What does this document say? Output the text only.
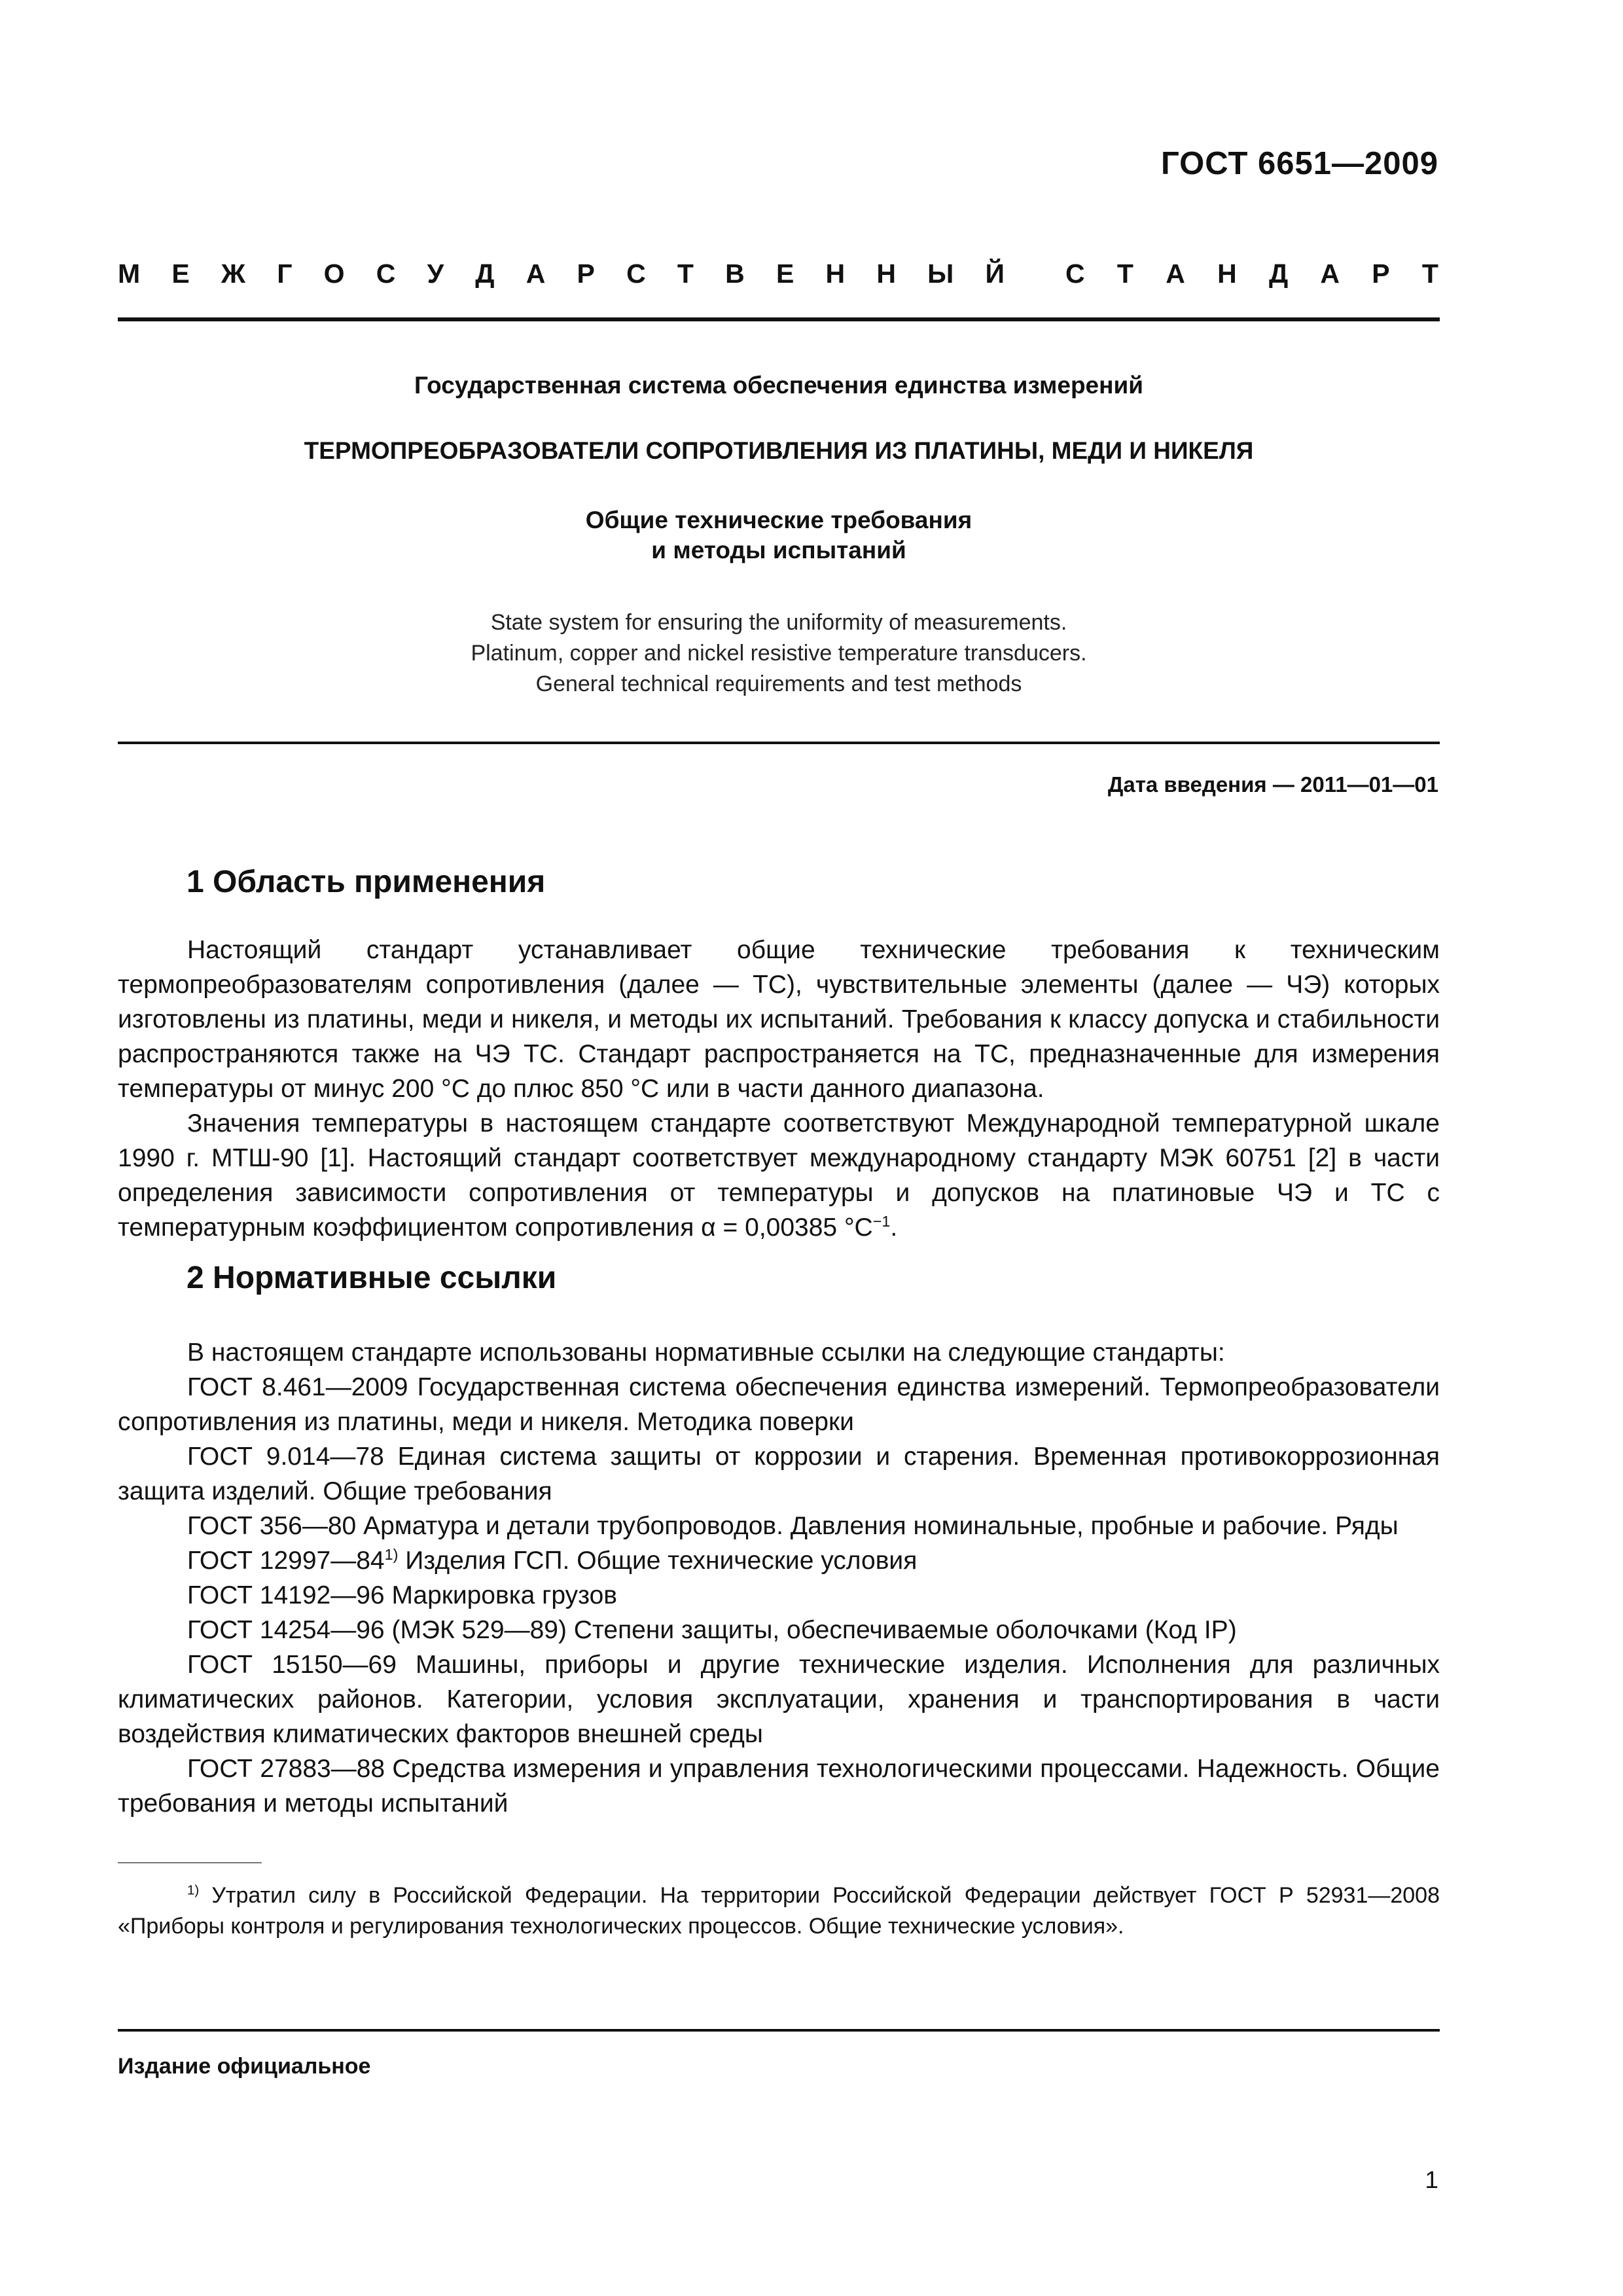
ГОСТ 6651—2009
М Е Ж Г О С У Д А Р С Т В Е Н Н Ы Й С Т А Н Д А Р Т
Государственная система обеспечения единства измерений
ТЕРМОПРЕОБРАЗОВАТЕЛИ СОПРОТИВЛЕНИЯ ИЗ ПЛАТИНЫ, МЕДИ И НИКЕЛЯ
Общие технические требования
и методы испытаний
State system for ensuring the uniformity of measurements.
Platinum, copper and nickel resistive temperature transducers.
General technical requirements and test methods
Дата введения — 2011—01—01
1 Область применения

Настоящий стандарт устанавливает общие технические требования к техническим термопреобразователям сопротивления (далее — ТС), чувствительные элементы (далее — ЧЭ) которых изготовлены из платины, меди и никеля, и методы их испытаний. Требования к классу допуска и стабильности распространяются также на ЧЭ ТС. Стандарт распространяется на ТС, предназначенные для измерения температуры от минус 200 °С до плюс 850 °С или в части данного диапазона.

Значения температуры в настоящем стандарте соответствуют Международной температурной шкале 1990 г. МТШ-90 [1]. Настоящий стандарт соответствует международному стандарту МЭК 60751 [2] в части определения зависимости сопротивления от температуры и допусков на платиновые ЧЭ и ТС с температурным коэффициентом сопротивления α = 0,00385 $^\circ С^{-1}$.

2 Нормативные ссылки

В настоящем стандарте использованы нормативные ссылки на следующие стандарты:

ГОСТ 8.461—2009 Государственная система обеспечения единства измерений. Термопреобразователи сопротивления из платины, меди и никеля. Методика поверки

ГОСТ 9.014—78 Единая система защиты от коррозии и старения. Временная противокоррозионная защита изделий. Общие требования

ГОСТ 356—80 Арматура и детали трубопроводов. Давления номинальные, пробные и рабочие. Ряды

ГОСТ 12997—84$^{1)}$ Изделия ГСП. Общие технические условия

ГОСТ 14192—96 Маркировка грузов

ГОСТ 14254—96 (МЭК 529—89) Степени защиты, обеспечиваемые оболочками (Код IP)

ГОСТ 15150—69 Машины, приборы и другие технические изделия. Исполнения для различных климатических районов. Категории, условия эксплуатации, хранения и транспортирования в части воздействия климатических факторов внешней среды

ГОСТ 27883—88 Средства измерения и управления технологическими процессами. Надежность. Общие требования и методы испытаний

$^{1)}$ Утратил силу в Российской Федерации. На территории Российской Федерации действует ГОСТ Р 52931—2008 «Приборы контроля и регулирования технологических процессов. Общие технические условия».

Издание официальное
1
